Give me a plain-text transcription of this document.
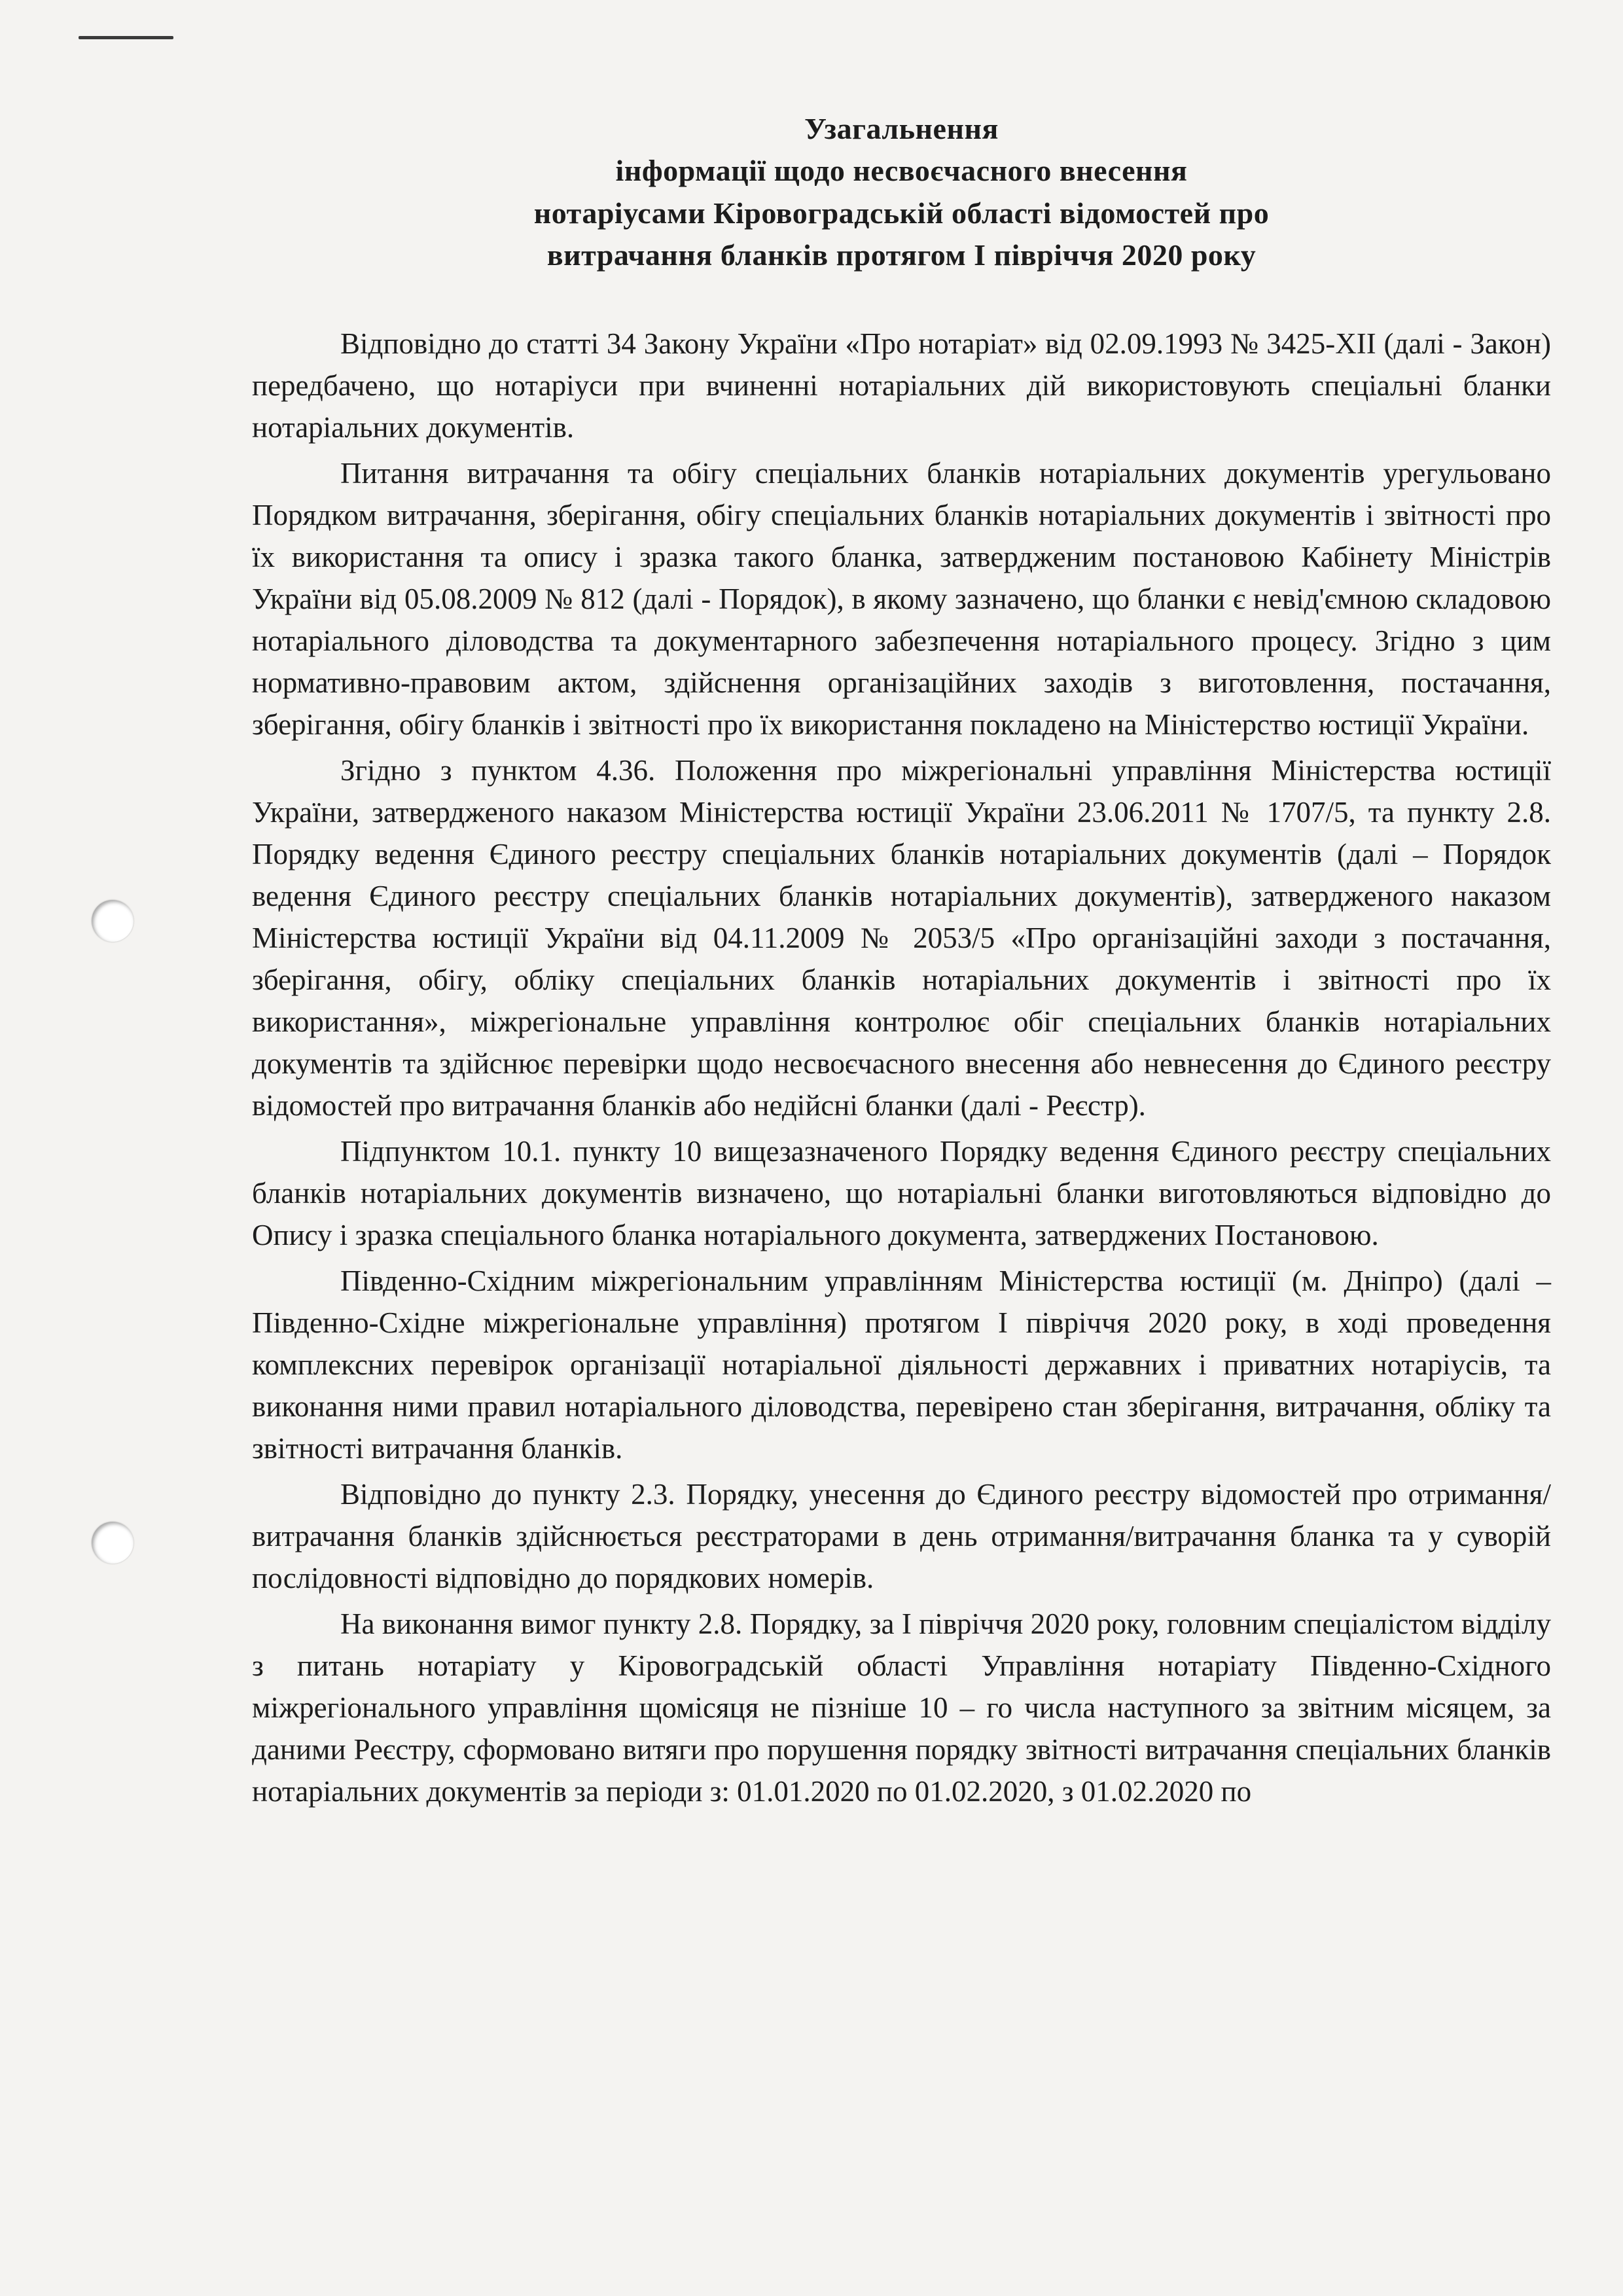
Узагальнення
інформації щодо несвоєчасного внесення
нотаріусами Кіровоградській області відомостей про
витрачання бланків протягом І півріччя 2020 року

Відповідно до статті 34 Закону України «Про нотаріат» від 02.09.1993 № 3425-XII (далі - Закон) передбачено, що нотаріуси при вчиненні нотаріальних дій використовують спеціальні бланки нотаріальних документів.

Питання витрачання та обігу спеціальних бланків нотаріальних документів урегульовано Порядком витрачання, зберігання, обігу спеціальних бланків нотаріальних документів і звітності про їх використання та опису і зразка такого бланка, затвердженим постановою Кабінету Міністрів України від 05.08.2009 № 812 (далі - Порядок), в якому зазначено, що бланки є невід'ємною складовою нотаріального діловодства та документарного забезпечення нотаріального процесу. Згідно з цим нормативно-правовим актом, здійснення організаційних заходів з виготовлення, постачання, зберігання, обігу бланків і звітності про їх використання покладено на Міністерство юстиції України.

Згідно з пунктом 4.36. Положення про міжрегіональні управління Міністерства юстиції України, затвердженого наказом Міністерства юстиції України 23.06.2011 № 1707/5, та пункту 2.8. Порядку ведення Єдиного реєстру спеціальних бланків нотаріальних документів (далі – Порядок ведення Єдиного реєстру спеціальних бланків нотаріальних документів), затвердженого наказом Міністерства юстиції України від 04.11.2009 № 2053/5 «Про організаційні заходи з постачання, зберігання, обігу, обліку спеціальних бланків нотаріальних документів і звітності про їх використання», міжрегіональне управління контролює обіг спеціальних бланків нотаріальних документів та здійснює перевірки щодо несвоєчасного внесення або невнесення до Єдиного реєстру відомостей про витрачання бланків або недійсні бланки (далі - Реєстр).

Підпунктом 10.1. пункту 10 вищезазначеного Порядку ведення Єдиного реєстру спеціальних бланків нотаріальних документів визначено, що нотаріальні бланки виготовляються відповідно до Опису і зразка спеціального бланка нотаріального документа, затверджених Постановою.

Південно-Східним міжрегіональним управлінням Міністерства юстиції (м. Дніпро) (далі – Південно-Східне міжрегіональне управління) протягом І півріччя 2020 року, в ході проведення комплексних перевірок організації нотаріальної діяльності державних і приватних нотаріусів, та виконання ними правил нотаріального діловодства, перевірено стан зберігання, витрачання, обліку та звітності витрачання бланків.

Відповідно до пункту 2.3. Порядку, унесення до Єдиного реєстру відомостей про отримання/витрачання бланків здійснюється реєстраторами в день отримання/витрачання бланка та у суворій послідовності відповідно до порядкових номерів.

На виконання вимог пункту 2.8. Порядку, за І півріччя 2020 року, головним спеціалістом відділу з питань нотаріату у Кіровоградській області Управління нотаріату Південно-Східного міжрегіонального управління щомісяця не пізніше 10 – го числа наступного за звітним місяцем, за даними Реєстру, сформовано витяги про порушення порядку звітності витрачання спеціальних бланків нотаріальних документів за періоди з: 01.01.2020 по 01.02.2020, з 01.02.2020 по
